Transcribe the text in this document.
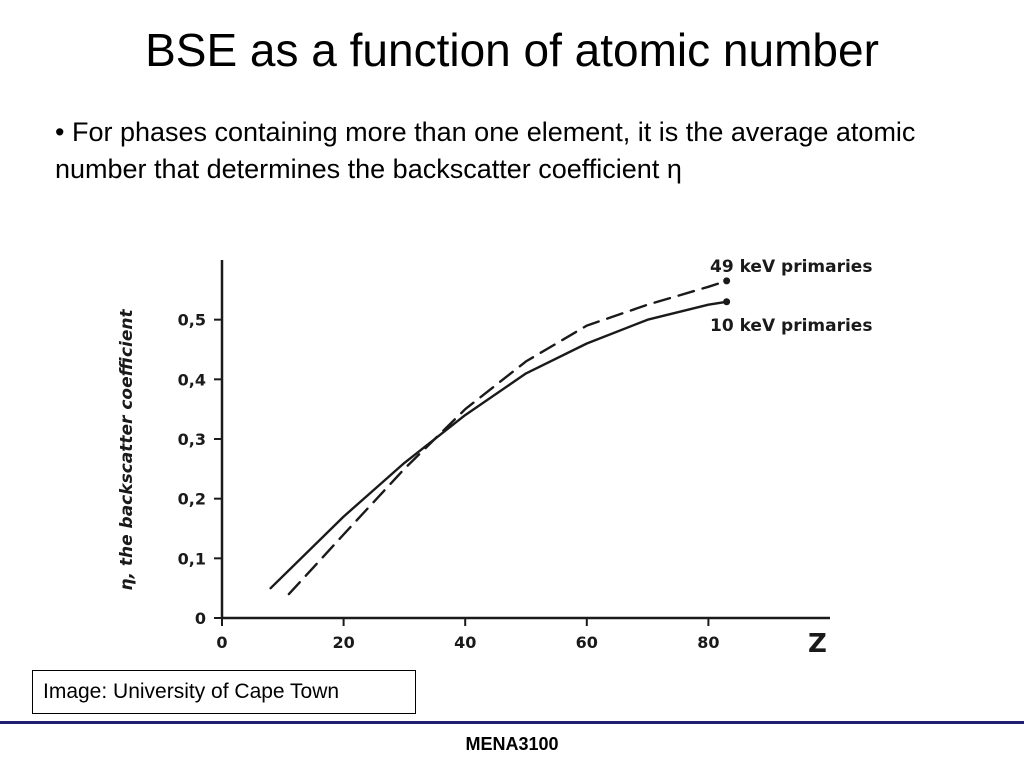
BSE as a function of atomic number
• For phases containing more than one element, it is the average atomic number that determines the backscatter coefficient η
0	20	40	60	80
0
0,1
0,2
0,3
0,4
0,5
Z
η, the backscatter coefficient
49 keV primaries
10 keV primaries
Image: University of Cape Town
MENA3100
